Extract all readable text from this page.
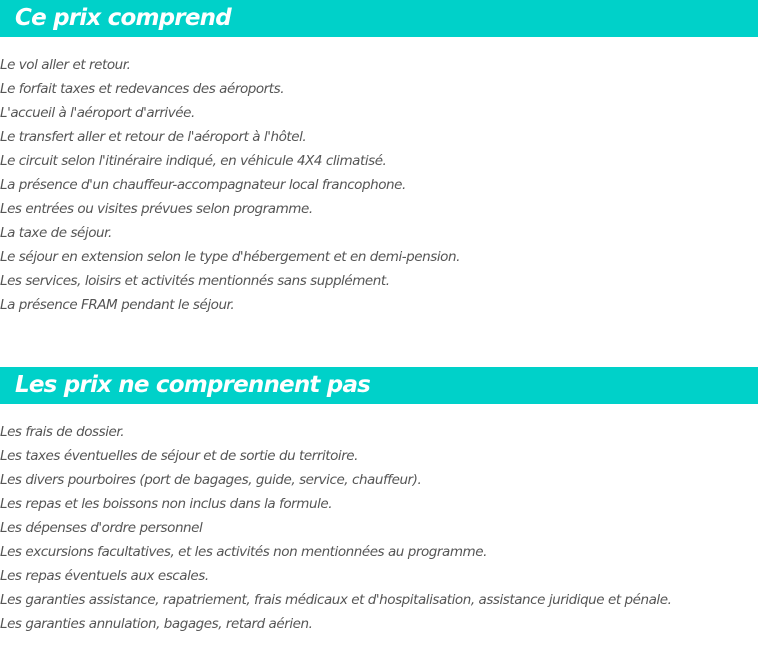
Ce prix comprend
Le vol aller et retour.
Le forfait taxes et redevances des aéroports.
L'accueil à l'aéroport d'arrivée.
Le transfert aller et retour de l'aéroport à l'hôtel.
Le circuit selon l'itinéraire indiqué, en véhicule 4X4 climatisé.
La présence d'un chauffeur-accompagnateur local francophone.
Les entrées ou visites prévues selon programme.
La taxe de séjour.
Le séjour en extension selon le type d'hébergement et en demi-pension.
Les services, loisirs et activités mentionnés sans supplément.
La présence FRAM pendant le séjour.
Les prix ne comprennent pas
Les frais de dossier.
Les taxes éventuelles de séjour et de sortie du territoire.
Les divers pourboires (port de bagages, guide, service, chauffeur).
Les repas et les boissons non inclus dans la formule.
Les dépenses d'ordre personnel
Les excursions facultatives, et les activités non mentionnées au programme.
Les repas éventuels aux escales.
Les garanties assistance, rapatriement, frais médicaux et d'hospitalisation, assistance juridique et pénale.
Les garanties annulation, bagages, retard aérien.
